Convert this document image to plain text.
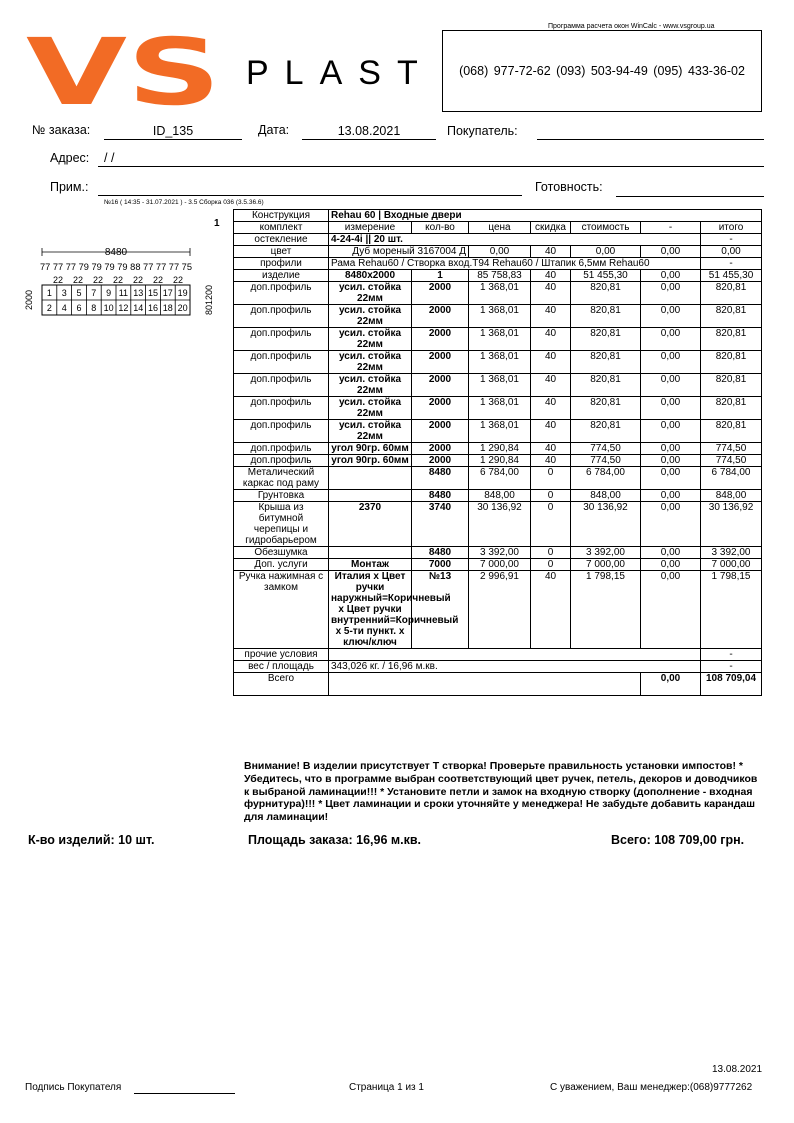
Программа расчета окон WinCalc - www.vsgroup.ua
VS PLAST (068) 977-72-62 (093) 503-94-49 (095) 433-36-02
№ заказа:	ID_135	Дата:	13.08.2021	Покупатель:
Адрес:	/ /
Прим.:	Готовность:
№16 ( 14:35 - 31.07.2021 ) - 3.5 Сборка 036 (3.5.36.6)
1
8480
77 77 77 79 79 79 79 88 77 77 77 75
22 22 22 22 22 22 22
1
2
3
4
5
6
7
8
9
10
11
12
13
14
15
16
17
18
19
20
2000	801200
Конструкция	Rehau 60 | Входные двери						
комплект	измерение	кол-во	цена	скидка	стоимость	-	итого
остекление	4-24-4i || 20 шт.						-
цвет	Дуб мореный 3167004 Д		0,00	40	0,00	0,00	0,00
профили	Рама Rehau60 / Створка вход.T94 Rehau60 / Штапик 6,5мм Rehau60						-
изделие	8480x2000	1	85 758,83	40	51 455,30	0,00	51 455,30
доп.профиль	усил. стойка 22мм	2000	1 368,01	40	820,81	0,00	820,81
доп.профиль	усил. стойка 22мм	2000	1 368,01	40	820,81	0,00	820,81
доп.профиль	усил. стойка 22мм	2000	1 368,01	40	820,81	0,00	820,81
доп.профиль	усил. стойка 22мм	2000	1 368,01	40	820,81	0,00	820,81
доп.профиль	усил. стойка 22мм	2000	1 368,01	40	820,81	0,00	820,81
доп.профиль	усил. стойка 22мм	2000	1 368,01	40	820,81	0,00	820,81
доп.профиль	усил. стойка 22мм	2000	1 368,01	40	820,81	0,00	820,81
доп.профиль	угол 90гр. 60мм	2000	1 290,84	40	774,50	0,00	774,50
доп.профиль	угол 90гр. 60мм	2000	1 290,84	40	774,50	0,00	774,50
Металический каркас под раму		8480	6 784,00	0	6 784,00	0,00	6 784,00
Грунтовка		8480	848,00	0	848,00	0,00	848,00
Крыша из битумной черепицы и гидробарьером	2370	3740	30 136,92	0	30 136,92	0,00	30 136,92
Обезшумка		8480	3 392,00	0	3 392,00	0,00	3 392,00
Доп. услуги	Монтаж	7000	7 000,00	0	7 000,00	0,00	7 000,00
Ручка нажимная с замком	Италия x Цвет ручки наружный=Коричневый x Цвет ручки внутренний=Коричневый x 5-ти пункт. x ключ/ключ	№13	2 996,91	40	1 798,15	0,00	1 798,15
прочие условия							-
вес / площадь	343,026 кг. / 16,96 м.кв.						-
Всего						0,00	108 709,04
Внимание! В изделии присутствует Т створка! Проверьте правильность установки импостов! * Убедитесь, что в программе выбран соответствующий цвет ручек, петель, декоров и доводчиков к выбраной ламинации!!! * Установите петли и замок на входную створку (дополнение - входная фурнитура)!!! * Цвет ламинации и сроки уточняйте у менеджера! Не забудьте добавить карандаш для ламинации!
К-во изделий: 10 шт.	Площадь заказа: 16,96 м.кв.	Всего: 108 709,00 грн.
13.08.2021
Подпись Покупателя	Страница 1 из 1	С уважением, Ваш менеджер:(068)9777262
